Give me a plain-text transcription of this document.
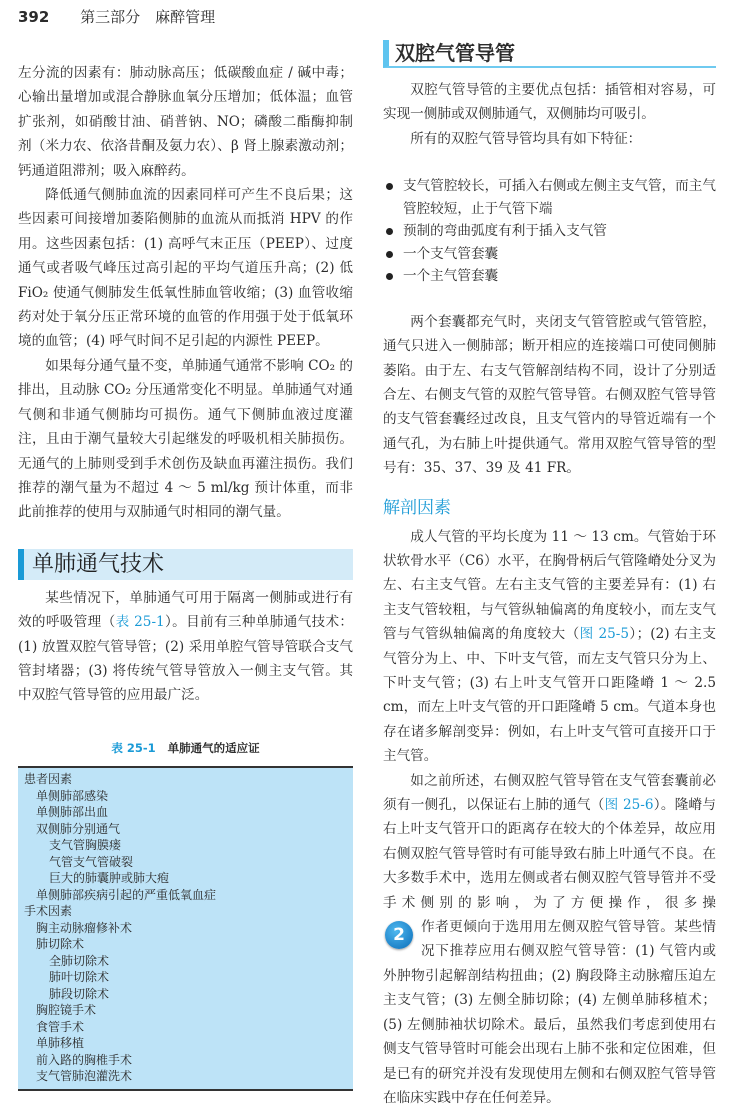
392 第三部分　麻醉管理

左分流的因素有：肺动脉高压；低碳酸血症 / 碱中毒；心输出量增加或混合静脉血氧分压增加；低体温；血管扩张剂，如硝酸甘油、硝普钠、NO；磷酸二酯酶抑制剂（米力农、依洛昔酮及氨力农）、β 肾上腺素激动剂；钙通道阻滞剂；吸入麻醉药。

降低通气侧肺血流的因素同样可产生不良后果；这些因素可间接增加萎陷侧肺的血流从而抵消 HPV 的作用。这些因素包括：(1) 高呼气末正压（PEEP）、过度通气或者吸气峰压过高引起的平均气道压升高；(2) 低 FiO₂ 使通气侧肺发生低氧性肺血管收缩；(3) 血管收缩药对处于氧分压正常环境的血管的作用强于处于低氧环境的血管；(4) 呼气时间不足引起的内源性 PEEP。

如果每分通气量不变，单肺通气通常不影响 CO₂ 的排出，且动脉 CO₂ 分压通常变化不明显。单肺通气对通气侧和非通气侧肺均可损伤。通气下侧肺血液过度灌注，且由于潮气量较大引起继发的呼吸机相关肺损伤。无通气的上肺则受到手术创伤及缺血再灌注损伤。我们推荐的潮气量为不超过 4 ～ 5 ml/kg 预计体重，而非此前推荐的使用与双肺通气时相同的潮气量。

单肺通气技术

某些情况下，单肺通气可用于隔离一侧肺或进行有效的呼吸管理（表 25-1）。目前有三种单肺通气技术：(1) 放置双腔气管导管；(2) 采用单腔气管导管联合支气管封堵器；(3) 将传统气管导管放入一侧主支气管。其中双腔气管导管的应用最广泛。

表 25-1 单肺通气的适应证
患者因素
单侧肺部感染
单侧肺部出血
双侧肺分别通气
支气管胸膜瘘
气管支气管破裂
巨大的肺囊肿或肺大疱
单侧肺部疾病引起的严重低氧血症
手术因素
胸主动脉瘤修补术
肺切除术
全肺切除术
肺叶切除术
肺段切除术
胸腔镜手术
食管手术
单肺移植
前入路的胸椎手术
支气管肺泡灌洗术
双腔气管导管

双腔气管导管的主要优点包括：插管相对容易，可实现一侧肺或双侧肺通气，双侧肺均可吸引。

所有的双腔气管导管均具有如下特征：

支气管腔较长，可插入右侧或左侧主支气管，而主气管腔较短，止于气管下端
预制的弯曲弧度有利于插入支气管
一个支气管套囊
一个主气管套囊

两个套囊都充气时，夹闭支气管管腔或气管管腔，通气只进入一侧肺部；断开相应的连接端口可使同侧肺萎陷。由于左、右支气管解剖结构不同，设计了分别适合左、右侧支气管的双腔气管导管。右侧双腔气管导管的支气管套囊经过改良，且支气管内的导管近端有一个通气孔，为右肺上叶提供通气。常用双腔气管导管的型号有：35、37、39 及 41 FR。

解剖因素

成人气管的平均长度为 11 ～ 13 cm。气管始于环状软骨水平（C6）水平，在胸骨柄后气管隆嵴处分叉为左、右主支气管。左右主支气管的主要差异有：(1) 右主支气管较粗，与气管纵轴偏离的角度较小，而左支气管与气管纵轴偏离的角度较大（图 25-5）；(2) 右主支气管分为上、中、下叶支气管，而左支气管只分为上、下叶支气管；(3) 右上叶支气管开口距隆嵴 1 ～ 2.5 cm，而左上叶支气管的开口距隆嵴 5 cm。气道本身也存在诸多解剖变异：例如，右上叶支气管可直接开口于主气管。

如之前所述，右侧双腔气管导管在支气管套囊前必须有一侧孔，以保证右上肺的通气（图 25-6）。隆嵴与右上叶支气管开口的距离存在较大的个体差异，故应用右侧双腔气管导管时有可能导致右肺上叶通气不良。在大多数手术中，选用左侧或者右侧双腔气管导管并不受手术侧别的影响，为了方便操作，很多操

2	作者更倾向于选用用左侧双腔气管导管。某些情况下推荐应用右侧双腔气管导管：(1) 气管内或外肿物引起解剖结构扭曲；(2) 胸段降主动脉瘤压迫左主支气管；(3) 左侧全肺切除；(4) 左侧单肺移植术；(5) 左侧肺袖状切除术。最后，虽然我们考虑到使用右侧支气管导管时可能会出现右上肺不张和定位困难，但是已有的研究并没有发现使用左侧和右侧双腔气管导管在临床实践中存在任何差异。
